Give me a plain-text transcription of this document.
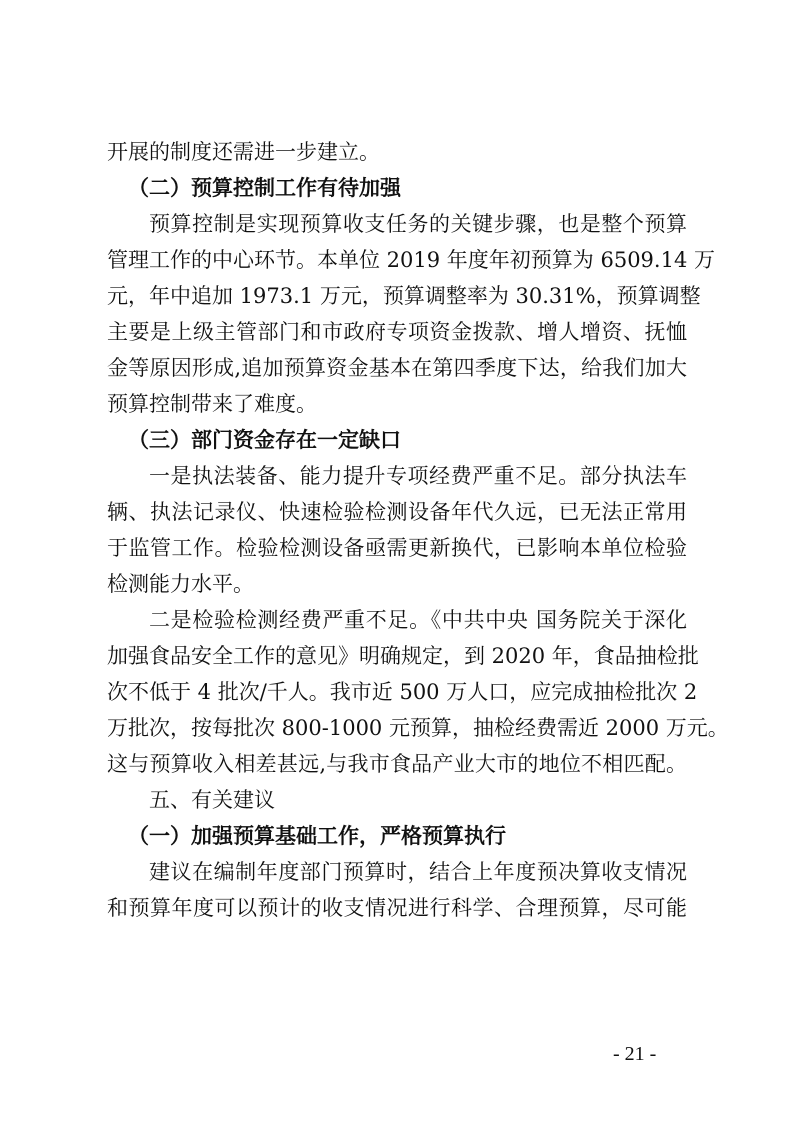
开展的制度还需进一步建立。
（二）预算控制工作有待加强
预算控制是实现预算收支任务的关键步骤，也是整个预算
管理工作的中心环节。本单位 2019 年度年初预算为 6509.14 万
元，年中追加 1973.1 万元，预算调整率为 30.31%，预算调整
主要是上级主管部门和市政府专项资金拨款、增人增资、抚恤
金等原因形成,追加预算资金基本在第四季度下达，给我们加大
预算控制带来了难度。
（三）部门资金存在一定缺口
一是执法装备、能力提升专项经费严重不足。部分执法车
辆、执法记录仪、快速检验检测设备年代久远，已无法正常用
于监管工作。检验检测设备亟需更新换代，已影响本单位检验
检测能力水平。
二是检验检测经费严重不足。《中共中央 国务院关于深化
加强食品安全工作的意见》明确规定，到 2020 年，食品抽检批
次不低于 4 批次/千人。我市近 500 万人口，应完成抽检批次 2
万批次，按每批次 800-1000 元预算，抽检经费需近 2000 万元。
这与预算收入相差甚远,与我市食品产业大市的地位不相匹配。
五、有关建议
（一）加强预算基础工作，严格预算执行
建议在编制年度部门预算时，结合上年度预决算收支情况
和预算年度可以预计的收支情况进行科学、合理预算，尽可能
- 21 -
